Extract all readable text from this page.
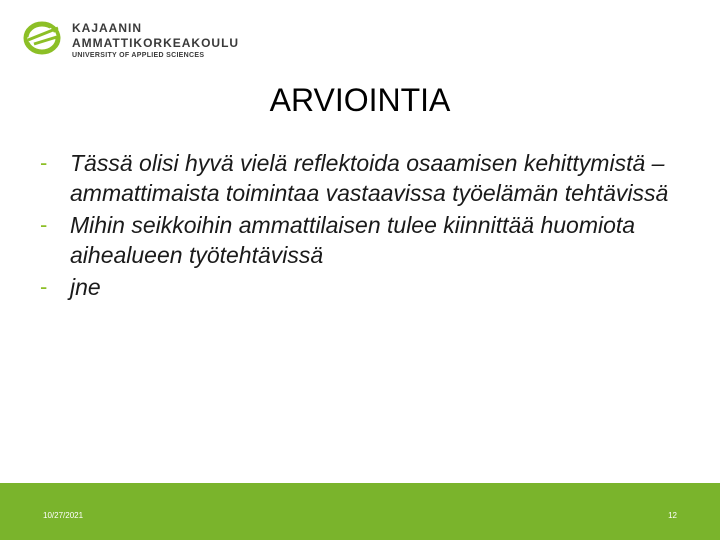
KAJAANIN
AMMATTIKORKEAKOULU
UNIVERSITY OF APPLIED SCIENCES
ARVIOINTIA
- Tässä olisi hyvä vielä reflektoida osaamisen kehittymistä – ammattimaista toimintaa vastaavissa työelämän tehtävissä
- Mihin seikkoihin ammattilaisen tulee kiinnittää huomiota aihealueen työtehtävissä
- jne
10/27/2021	12
